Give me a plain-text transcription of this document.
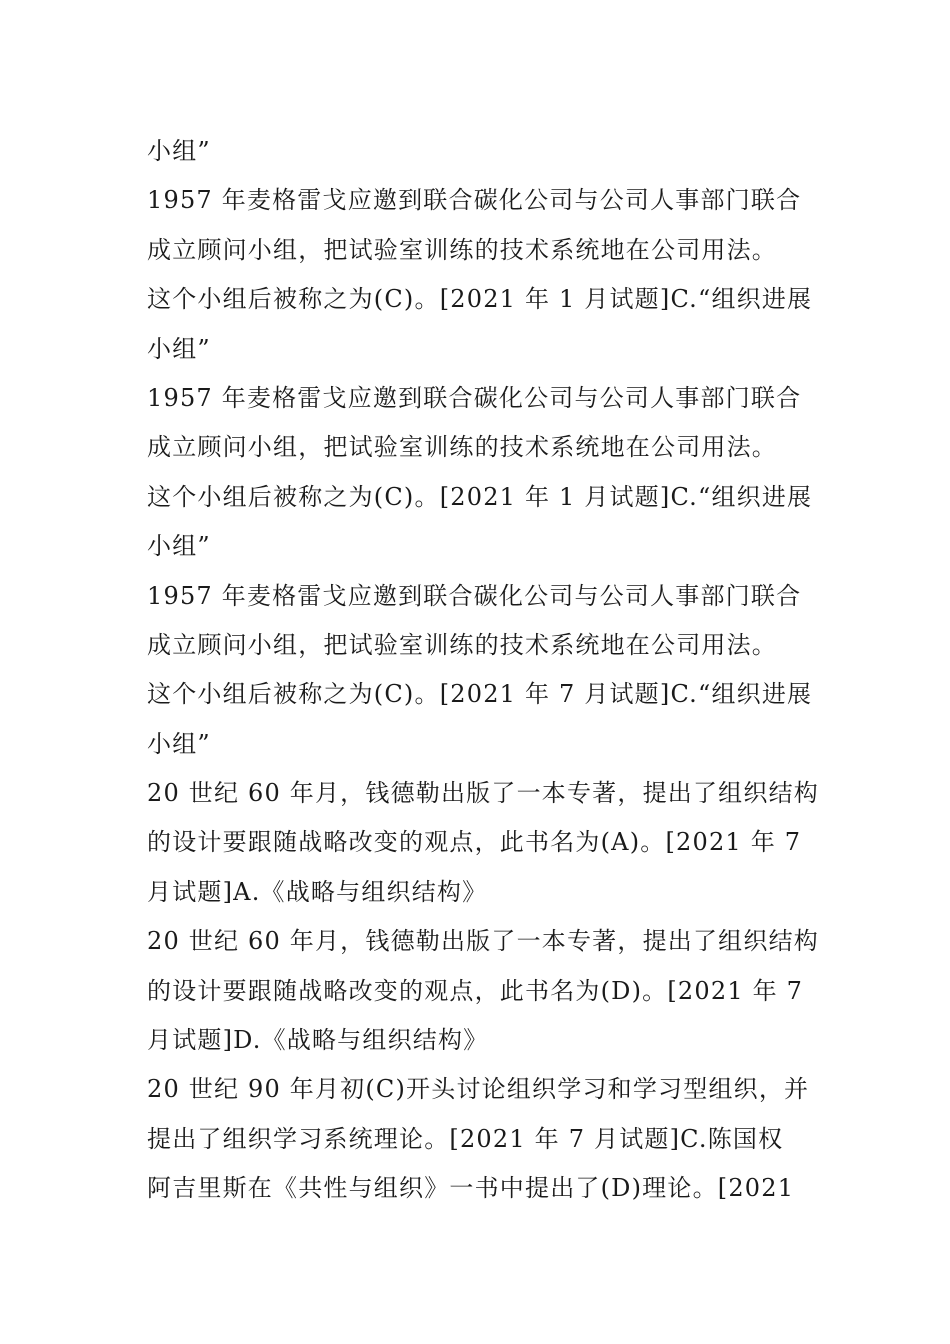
小组”
1957 年麦格雷戈应邀到联合碳化公司与公司人事部门联合
成立顾问小组，把试验室训练的技术系统地在公司用法。
这个小组后被称之为(C)。[2021 年 1 月试题]C.“组织进展
小组”
1957 年麦格雷戈应邀到联合碳化公司与公司人事部门联合
成立顾问小组，把试验室训练的技术系统地在公司用法。
这个小组后被称之为(C)。[2021 年 1 月试题]C.“组织进展
小组”
1957 年麦格雷戈应邀到联合碳化公司与公司人事部门联合
成立顾问小组，把试验室训练的技术系统地在公司用法。
这个小组后被称之为(C)。[2021 年 7 月试题]C.“组织进展
小组”
20 世纪 60 年月，钱德勒出版了一本专著，提出了组织结构
的设计要跟随战略改变的观点，此书名为(A)。[2021 年 7
月试题]A.《战略与组织结构》
20 世纪 60 年月，钱德勒出版了一本专著，提出了组织结构
的设计要跟随战略改变的观点，此书名为(D)。[2021 年 7
月试题]D.《战略与组织结构》
20 世纪 90 年月初(C)开头讨论组织学习和学习型组织，并
提出了组织学习系统理论。[2021 年 7 月试题]C.陈国权
阿吉里斯在《共性与组织》一书中提出了(D)理论。[2021
